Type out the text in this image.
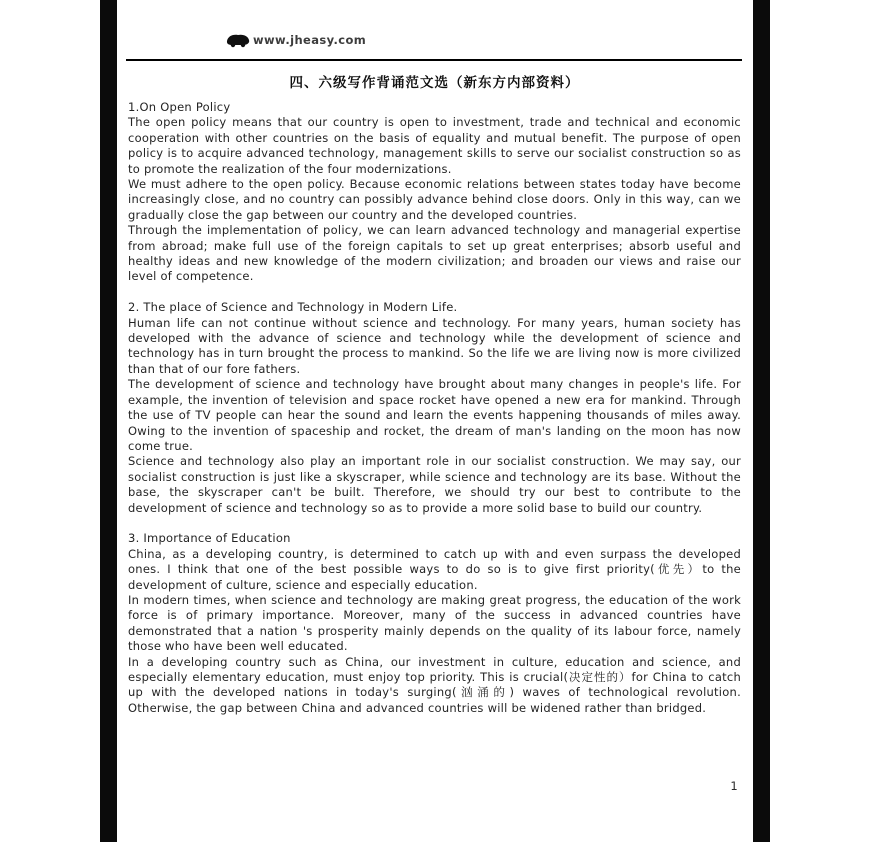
www.jheasy.com
四、六级写作背诵范文选（新东方内部资料）
1.On Open Policy

The open policy means that our country is open to investment, trade and technical and economic cooperation with other countries on the basis of equality and mutual benefit. The purpose of open policy is to acquire advanced technology, management skills to serve our socialist construction so as to promote the realization of the four modernizations.

We must adhere to the open policy. Because economic relations between states today have become increasingly close, and no country can possibly advance behind close doors. Only in this way, can we gradually close the gap between our country and the developed countries.

Through the implementation of policy, we can learn advanced technology and managerial expertise from abroad; make full use of the foreign capitals to set up great enterprises; absorb useful and healthy ideas and new knowledge of the modern civilization; and broaden our views and raise our level of competence.

2. The place of Science and Technology in Modern Life.

Human life can not continue without science and technology. For many years, human society has developed with the advance of science and technology while the development of science and technology has in turn brought the process to mankind. So the life we are living now is more civilized than that of our fore fathers.

The development of science and technology have brought about many changes in people's life. For example, the invention of television and space rocket have opened a new era for mankind. Through the use of TV people can hear the sound and learn the events happening thousands of miles away. Owing to the invention of spaceship and rocket, the dream of man's landing on the moon has now come true.

Science and technology also play an important role in our socialist construction. We may say, our socialist construction is just like a skyscraper, while science and technology are its base. Without the base, the skyscraper can't be built. Therefore, we should try our best to contribute to the development of science and technology so as to provide a more solid base to build our country.

3. Importance of Education

China, as a developing country, is determined to catch up with and even surpass the developed ones. I think that one of the best possible ways to do so is to give first priority(优先）to the development of culture, science and especially education.

In modern times, when science and technology are making great progress, the education of the work force is of primary importance. Moreover, many of the success in advanced countries have demonstrated that a nation 's prosperity mainly depends on the quality of its labour force, namely those who have been well educated.

In a developing country such as China, our investment in culture, education and science, and especially elementary education, must enjoy top priority. This is crucial(决定性的）for China to catch up with the developed nations in today's surging(汹涌的) waves of technological revolution. Otherwise, the gap between China and advanced countries will be widened rather than bridged.

1
